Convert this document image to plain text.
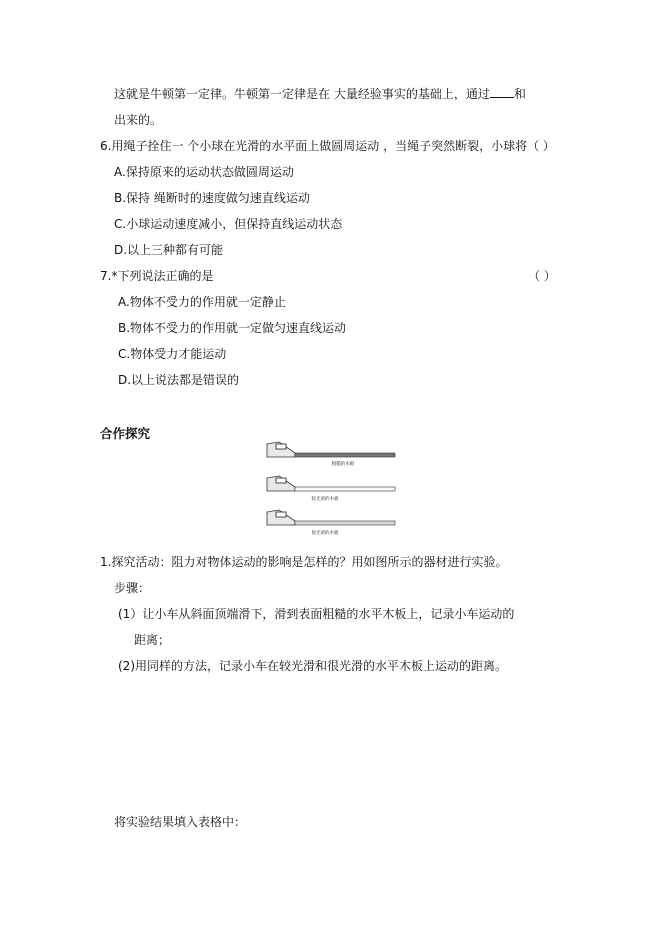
这就是牛顿第一定律。牛顿第一定律是在 大量经验事实的基础上，通过 和
出来的。
6.用绳子拴住一 个小球在光滑的水平面上做圆周运动 ，当绳子突然断裂，小球将（ ）
A.保持原来的运动状态做圆周运动
B.保持 绳断时的速度做匀速直线运动
C.小球运动速度减小，但保持直线运动状态
D.以上三种都有可能
7.*下列说法正确的是	（ ）
A.物体不受力的作用就一定静止
B.物体不受力的作用就一定做匀速直线运动
C.物体受力才能运动
D.以上说法都是错误的
合作探究
粗糙的木板
较光滑的木板
很光滑的木板
1.探究活动：阻力对物体运动的影响是怎样的？用如图所示的器材进行实验。
步骤：
(1）让小车从斜面顶端滑下，滑到表面粗糙的水平木板上，记录小车运动的
距离；
(2)用同样的方法，记录小车在较光滑和很光滑的水平木板上运动的距离。
将实验结果填入表格中：
